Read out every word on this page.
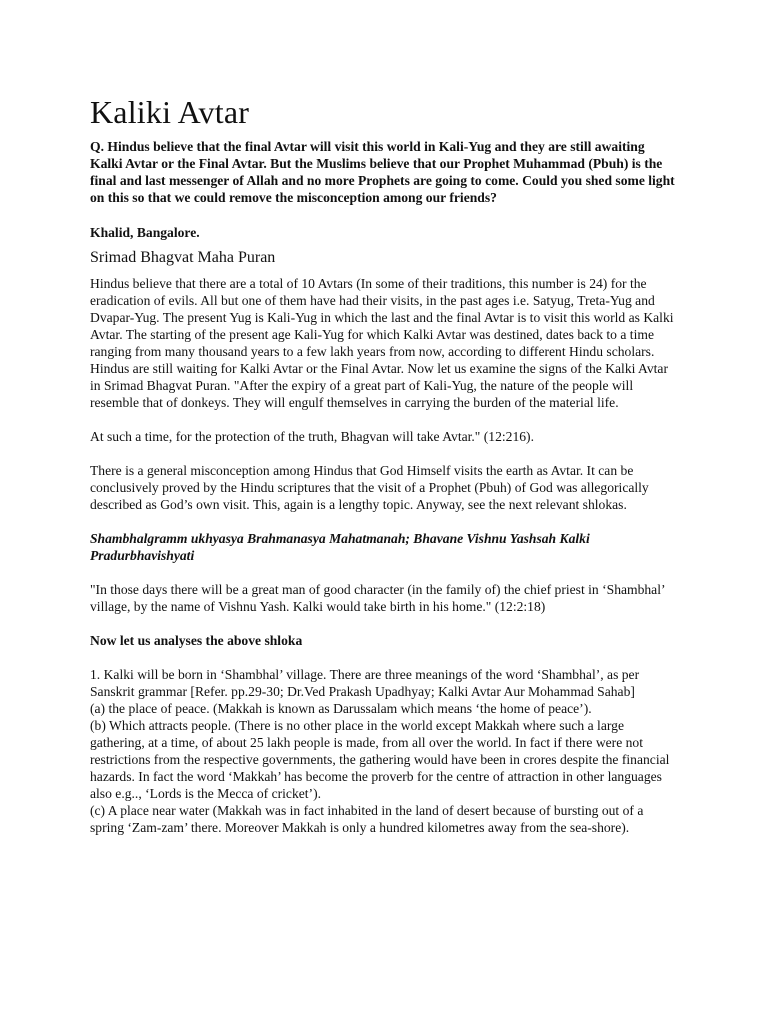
Kaliki Avtar

Q. Hindus believe that the final Avtar will visit this world in Kali-Yug and they are still awaiting Kalki Avtar or the Final Avtar. But the Muslims believe that our Prophet Muhammad (Pbuh) is the final and last messenger of Allah and no more Prophets are going to come. Could you shed some light on this so that we could remove the misconception among our friends?

Khalid, Bangalore.

Srimad Bhagvat Maha Puran

Hindus believe that there are a total of 10 Avtars (In some of their traditions, this number is 24) for the eradication of evils. All but one of them have had their visits, in the past ages i.e. Satyug, Treta-Yug and Dvapar-Yug. The present Yug is Kali-Yug in which the last and the final Avtar is to visit this world as Kalki Avtar. The starting of the present age Kali-Yug for which Kalki Avtar was destined, dates back to a time ranging from many thousand years to a few lakh years from now, according to different Hindu scholars. Hindus are still waiting for Kalki Avtar or the Final Avtar. Now let us examine the signs of the Kalki Avtar in Srimad Bhagvat Puran. "After the expiry of a great part of Kali-Yug, the nature of the people will resemble that of donkeys. They will engulf themselves in carrying the burden of the material life.

At such a time, for the protection of the truth, Bhagvan will take Avtar." (12:216).

There is a general misconception among Hindus that God Himself visits the earth as Avtar. It can be conclusively proved by the Hindu scriptures that the visit of a Prophet (Pbuh) of God was allegorically described as God’s own visit. This, again is a lengthy topic. Anyway, see the next relevant shlokas.

Shambhalgramm ukhyasya Brahmanasya Mahatmanah; Bhavane Vishnu Yashsah Kalki Pradurbhavishyati

"In those days there will be a great man of good character (in the family of) the chief priest in ‘Shambhal’ village, by the name of Vishnu Yash. Kalki would take birth in his home." (12:2:18)

Now let us analyses the above shloka

1. Kalki will be born in ‘Shambhal’ village. There are three meanings of the word ‘Shambhal’, as per Sanskrit grammar [Refer. pp.29-30; Dr.Ved Prakash Upadhyay; Kalki Avtar Aur Mohammad Sahab]

(a) the place of peace. (Makkah is known as Darussalam which means ‘the home of peace’).

(b) Which attracts people. (There is no other place in the world except Makkah where such a large gathering, at a time, of about 25 lakh people is made, from all over the world. In fact if there were not restrictions from the respective governments, the gathering would have been in crores despite the financial hazards. In fact the word ‘Makkah’ has become the proverb for the centre of attraction in other languages also e.g.., ‘Lords is the Mecca of cricket’).

(c) A place near water (Makkah was in fact inhabited in the land of desert because of bursting out of a spring ‘Zam-zam’ there. Moreover Makkah is only a hundred kilometres away from the sea-shore).
